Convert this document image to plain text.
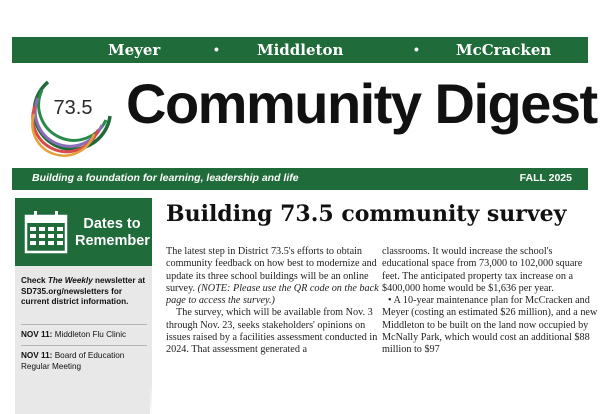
Meyer	•	Middleton	• McCracken
73.5 Community Digest
Building a foundation for learning, leadership and life	FALL 2025
Dates to
Remember
Check The Weekly newsletter at SD735.org/newsletters for current district information.
NOV 11: Middleton Flu Clinic
NOV 11: Board of Education Regular Meeting
Building 73.5 community survey

The latest step in District 73.5's efforts to obtain community feedback on how best to modernize and update its three school buildings will be an online survey. (NOTE: Please use the QR code on the back page to access the survey.)

The survey, which will be available from Nov. 3 through Nov. 23, seeks stakeholders' opinions on issues raised by a facilities assessment conducted in 2024. That assessment generated a

classrooms. It would increase the school's educational space from 73,000 to 102,000 square feet. The anticipated property tax increase on a $400,000 home would be $1,636 per year.

• A 10-year maintenance plan for McCracken and Meyer (costing an estimated $26 million), and a new Middleton to be built on the land now occupied by McNally Park, which would cost an additional $88 million to $97
